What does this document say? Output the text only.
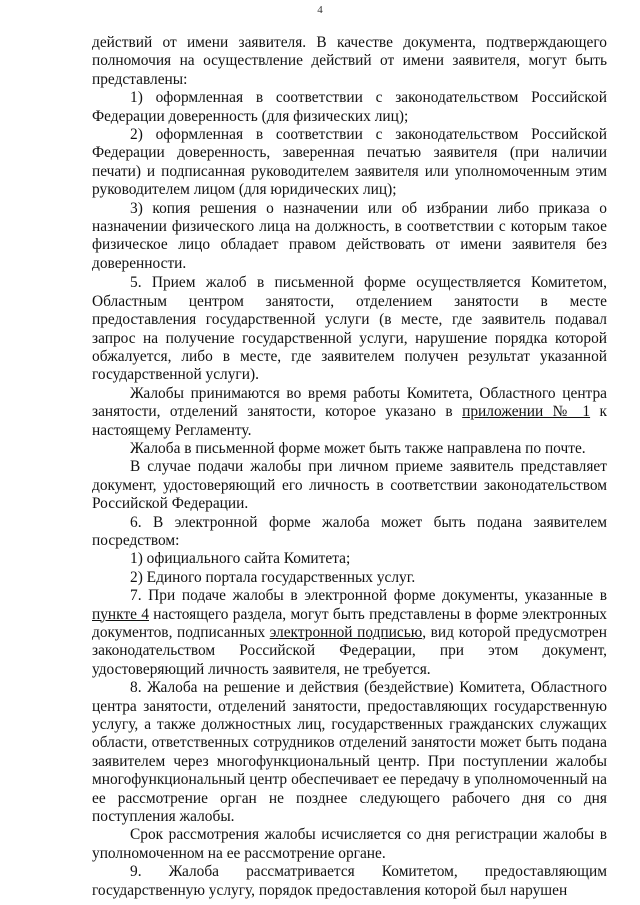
4

действий от имени заявителя. В качестве документа, подтверждающего полномочия на осуществление действий от имени заявителя, могут быть представлены:

1) оформленная в соответствии с законодательством Российской Федерации доверенность (для физических лиц);

2) оформленная в соответствии с законодательством Российской Федерации доверенность, заверенная печатью заявителя (при наличии печати) и подписанная руководителем заявителя или уполномоченным этим руководителем лицом (для юридических лиц);

3) копия решения о назначении или об избрании либо приказа о назначении физического лица на должность, в соответствии с которым такое физическое лицо обладает правом действовать от имени заявителя без доверенности.

5. Прием жалоб в письменной форме осуществляется Комитетом, Областным центром занятости, отделением занятости в месте предоставления государственной услуги (в месте, где заявитель подавал запрос на получение государственной услуги, нарушение порядка которой обжалуется, либо в месте, где заявителем получен результат указанной государственной услуги).

Жалобы принимаются во время работы Комитета, Областного центра занятости, отделений занятости, которое указано в приложении № 1 к настоящему Регламенту.

Жалоба в письменной форме может быть также направлена по почте.

В случае подачи жалобы при личном приеме заявитель представляет документ, удостоверяющий его личность в соответствии законодательством Российской Федерации.

6. В электронной форме жалоба может быть подана заявителем посредством:

1) официального сайта Комитета;

2) Единого портала государственных услуг.

7. При подаче жалобы в электронной форме документы, указанные в пункте 4 настоящего раздела, могут быть представлены в форме электронных документов, подписанных электронной подписью, вид которой предусмотрен законодательством Российской Федерации, при этом документ, удостоверяющий личность заявителя, не требуется.

8. Жалоба на решение и действия (бездействие) Комитета, Областного центра занятости, отделений занятости, предоставляющих государственную услугу, а также должностных лиц, государственных гражданских служащих области, ответственных сотрудников отделений занятости может быть подана заявителем через многофункциональный центр. При поступлении жалобы многофункциональный центр обеспечивает ее передачу в уполномоченный на ее рассмотрение орган не позднее следующего рабочего дня со дня поступления жалобы.

Срок рассмотрения жалобы исчисляется со дня регистрации жалобы в уполномоченном на ее рассмотрение органе.

9. Жалоба рассматривается Комитетом, предоставляющим государственную услугу, порядок предоставления которой был нарушен
